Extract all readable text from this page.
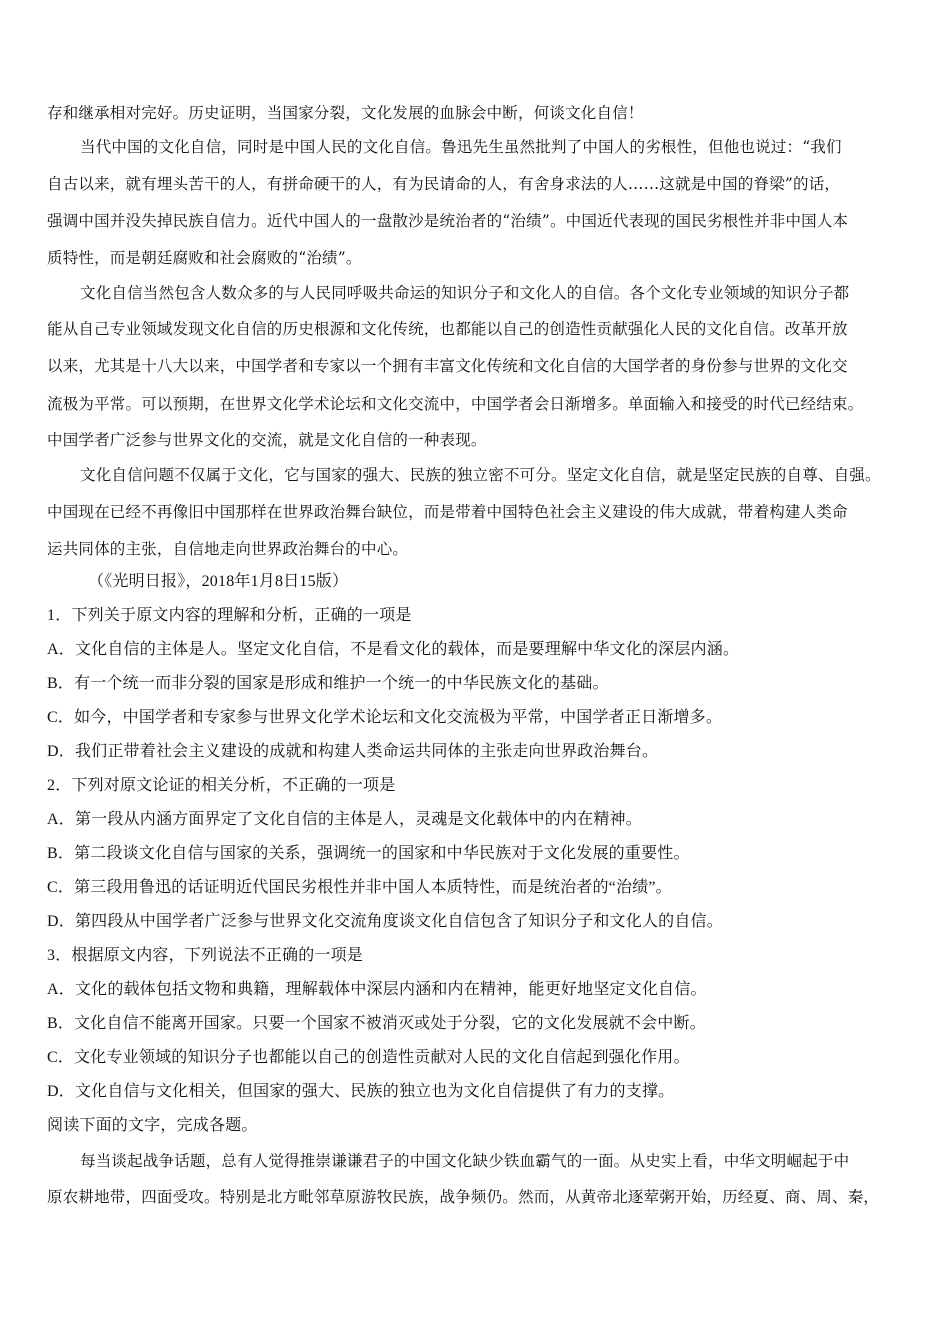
存和继承相对完好。历史证明，当国家分裂，文化发展的血脉会中断，何谈文化自信！
当代中国的文化自信，同时是中国人民的文化自信。鲁迅先生虽然批判了中国人的劣根性，但他也说过：“我们
自古以来，就有埋头苦干的人，有拼命硬干的人，有为民请命的人，有舍身求法的人……这就是中国的脊梁”的话，
强调中国并没失掉民族自信力。近代中国人的一盘散沙是统治者的“治绩”。中国近代表现的国民劣根性并非中国人本
质特性，而是朝廷腐败和社会腐败的“治绩”。
文化自信当然包含人数众多的与人民同呼吸共命运的知识分子和文化人的自信。各个文化专业领域的知识分子都
能从自己专业领域发现文化自信的历史根源和文化传统，也都能以自己的创造性贡献强化人民的文化自信。改革开放
以来，尤其是十八大以来，中国学者和专家以一个拥有丰富文化传统和文化自信的大国学者的身份参与世界的文化交
流极为平常。可以预期，在世界文化学术论坛和文化交流中，中国学者会日渐增多。单面输入和接受的时代已经结束。
中国学者广泛参与世界文化的交流，就是文化自信的一种表现。
文化自信问题不仅属于文化，它与国家的强大、民族的独立密不可分。坚定文化自信，就是坚定民族的自尊、自强。
中国现在已经不再像旧中国那样在世界政治舞台缺位，而是带着中国特色社会主义建设的伟大成就，带着构建人类命
运共同体的主张，自信地走向世界政治舞台的中心。
（《光明日报》，2018年1月8日15版）
1．下列关于原文内容的理解和分析，正确的一项是
A．文化自信的主体是人。坚定文化自信，不是看文化的载体，而是要理解中华文化的深层内涵。
B．有一个统一而非分裂的国家是形成和维护一个统一的中华民族文化的基础。
C．如今，中国学者和专家参与世界文化学术论坛和文化交流极为平常，中国学者正日渐增多。
D．我们正带着社会主义建设的成就和构建人类命运共同体的主张走向世界政治舞台。
2．下列对原文论证的相关分析，不正确的一项是
A．第一段从内涵方面界定了文化自信的主体是人，灵魂是文化载体中的内在精神。
B．第二段谈文化自信与国家的关系，强调统一的国家和中华民族对于文化发展的重要性。
C．第三段用鲁迅的话证明近代国民劣根性并非中国人本质特性，而是统治者的“治绩”。
D．第四段从中国学者广泛参与世界文化交流角度谈文化自信包含了知识分子和文化人的自信。
3．根据原文内容，下列说法不正确的一项是
A．文化的载体包括文物和典籍，理解载体中深层内涵和内在精神，能更好地坚定文化自信。
B．文化自信不能离开国家。只要一个国家不被消灭或处于分裂，它的文化发展就不会中断。
C．文化专业领域的知识分子也都能以自己的创造性贡献对人民的文化自信起到强化作用。
D．文化自信与文化相关，但国家的强大、民族的独立也为文化自信提供了有力的支撑。
阅读下面的文字，完成各题。
每当谈起战争话题，总有人觉得推崇谦谦君子的中国文化缺少铁血霸气的一面。从史实上看，中华文明崛起于中
原农耕地带，四面受攻。特别是北方毗邻草原游牧民族，战争频仍。然而，从黄帝北逐荤粥开始，历经夏、商、周、秦，
